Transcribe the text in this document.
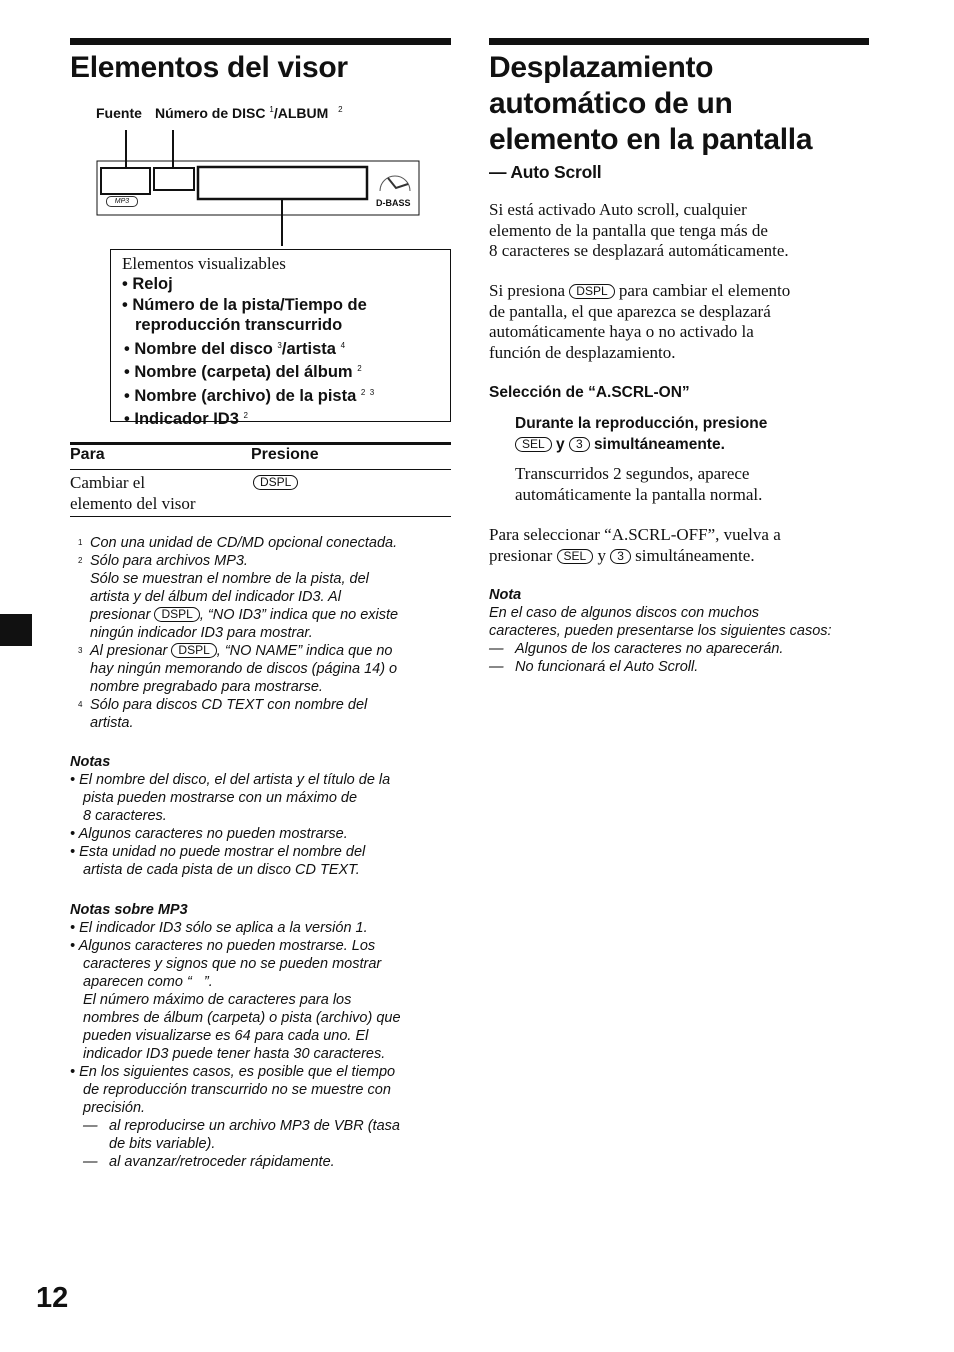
Elementos del visor
Fuente Número de DISC $^1$/ALBUM $^2$
MP3	D-BASS
Elementos visualizables
• Reloj
• Número de la pista/Tiempo de
reproducción transcurrido
• Nombre del disco $^3$/artista $^4$
• Nombre (carpeta) del álbum $^2$
• Nombre (archivo) de la pista $^{2 3}$
• Indicador ID3 $^2$
Para	Presione
Cambiar el
elemento del visor
DSPL
1 Con una unidad de CD/MD opcional conectada.
2 Sólo para archivos MP3.
Sólo se muestran el nombre de la pista, del
artista y del álbum del indicador ID3. Al
presionar DSPL , “NO ID3” indica que no existe
ningún indicador ID3 para mostrar.
3 Al presionar DSPL , “NO NAME” indica que no
hay ningún memorando de discos (página 14) o
nombre pregrabado para mostrarse.
4 Sólo para discos CD TEXT con nombre del
artista.
Notas
• El nombre del disco, el del artista y el título de la
pista pueden mostrarse con un máximo de
8 caracteres.
• Algunos caracteres no pueden mostrarse.
• Esta unidad no puede mostrar el nombre del
artista de cada pista de un disco CD TEXT.
Notas sobre MP3
• El indicador ID3 sólo se aplica a la versión 1.
• Algunos caracteres no pueden mostrarse. Los
caracteres y signos que no se pueden mostrar
aparecen como “   ”.
El número máximo de caracteres para los
nombres de álbum (carpeta) o pista (archivo) que
pueden visualizarse es 64 para cada uno. El
indicador ID3 puede tener hasta 30 caracteres.
• En los siguientes casos, es posible que el tiempo
de reproducción transcurrido no se muestre con
precisión.
— al reproducirse un archivo MP3 de VBR (tasa
de bits variable).
— al avanzar/retroceder rápidamente.
12
Desplazamiento
automático de un
elemento en la pantalla
— Auto Scroll
Si está activado Auto scroll, cualquier
elemento de la pantalla que tenga más de
8 caracteres se desplazará automáticamente.
Si presiona DSPL para cambiar el elemento
de pantalla, el que aparezca se desplazará
automáticamente haya o no activado la
función de desplazamiento.
Selección de “A.SCRL-ON”
Durante la reproducción, presione
SEL y 3 simultáneamente.
Transcurridos 2 segundos, aparece
automáticamente la pantalla normal.
Para seleccionar “A.SCRL-OFF”, vuelva a
presionar SEL y 3 simultáneamente.
Nota
En el caso de algunos discos con muchos
caracteres, pueden presentarse los siguientes casos:
— Algunos de los caracteres no aparecerán.
— No funcionará el Auto Scroll.
